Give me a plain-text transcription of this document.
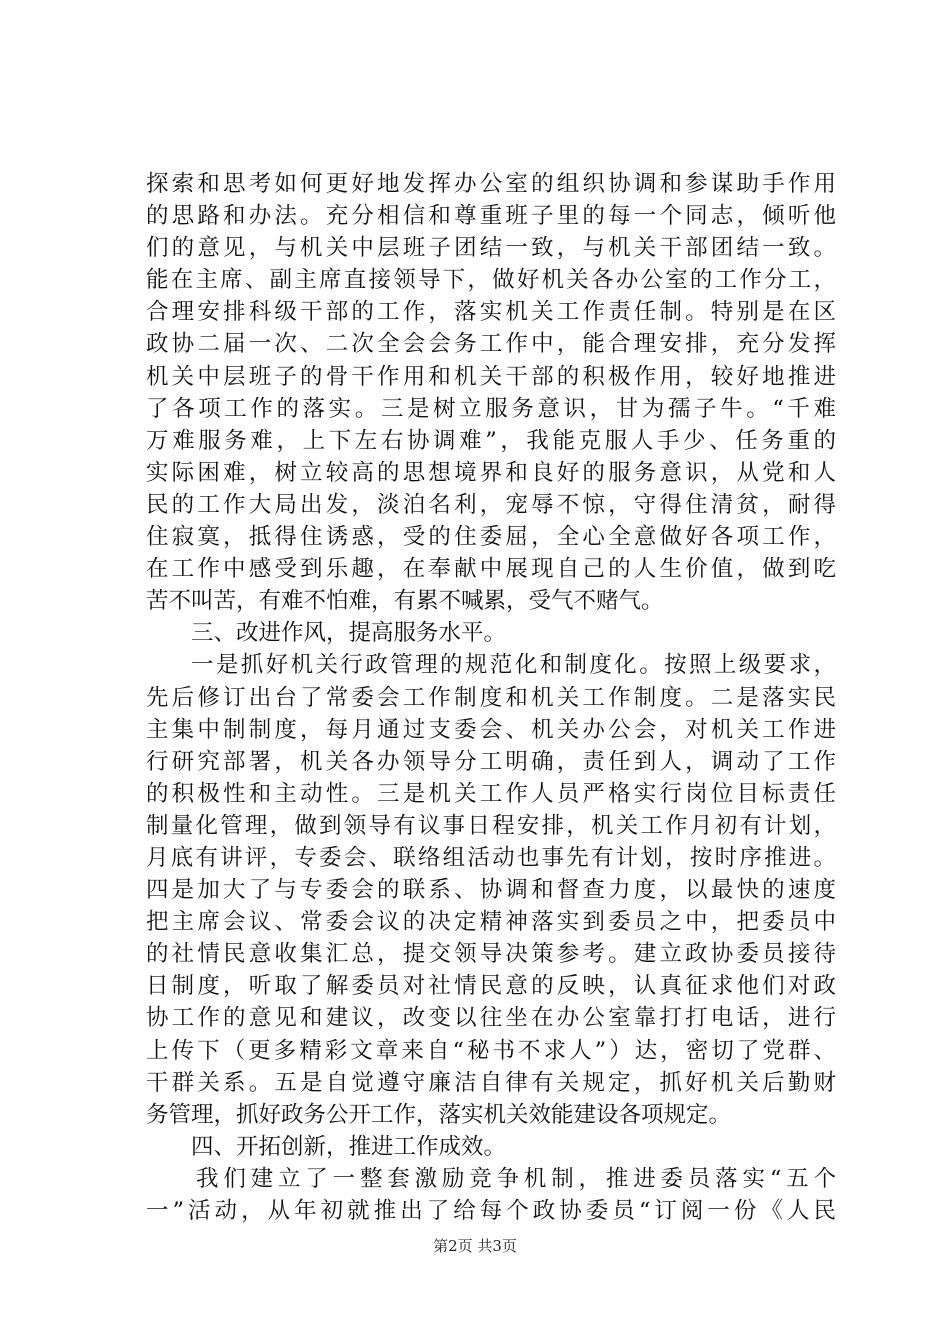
探索和思考如何更好地发挥办公室的组织协调和参谋助手作用
的思路和办法。充分相信和尊重班子里的每一个同志，倾听他
们的意见，与机关中层班子团结一致，与机关干部团结一致。
能在主席、副主席直接领导下，做好机关各办公室的工作分工，
合理安排科级干部的工作，落实机关工作责任制。特别是在区
政协二届一次、二次全会会务工作中，能合理安排，充分发挥
机关中层班子的骨干作用和机关干部的积极作用，较好地推进
了各项工作的落实。三是树立服务意识，甘为孺子牛。“千难
万难服务难，上下左右协调难”，我能克服人手少、任务重的
实际困难，树立较高的思想境界和良好的服务意识，从党和人
民的工作大局出发，淡泊名利，宠辱不惊，守得住清贫，耐得
住寂寞，抵得住诱惑，受的住委屈，全心全意做好各项工作，
在工作中感受到乐趣，在奉献中展现自己的人生价值，做到吃
苦不叫苦，有难不怕难，有累不喊累，受气不赌气。
三、改进作风，提高服务水平。
一是抓好机关行政管理的规范化和制度化。按照上级要求，
先后修订出台了常委会工作制度和机关工作制度。二是落实民
主集中制制度，每月通过支委会、机关办公会，对机关工作进
行研究部署，机关各办领导分工明确，责任到人，调动了工作
的积极性和主动性。三是机关工作人员严格实行岗位目标责任
制量化管理，做到领导有议事日程安排，机关工作月初有计划，
月底有讲评，专委会、联络组活动也事先有计划，按时序推进。
四是加大了与专委会的联系、协调和督查力度，以最快的速度
把主席会议、常委会议的决定精神落实到委员之中，把委员中
的社情民意收集汇总，提交领导决策参考。建立政协委员接待
日制度，听取了解委员对社情民意的反映，认真征求他们对政
协工作的意见和建议，改变以往坐在办公室靠打打电话，进行
上传下（更多精彩文章来自“秘书不求人”）达，密切了党群、
干群关系。五是自觉遵守廉洁自律有关规定，抓好机关后勤财
务管理，抓好政务公开工作，落实机关效能建设各项规定。
四、开拓创新，推进工作成效。
我们建立了一整套激励竞争机制，推进委员落实“五个
一”活动，从年初就推出了给每个政协委员“订阅一份《人民
第2页 共3页
